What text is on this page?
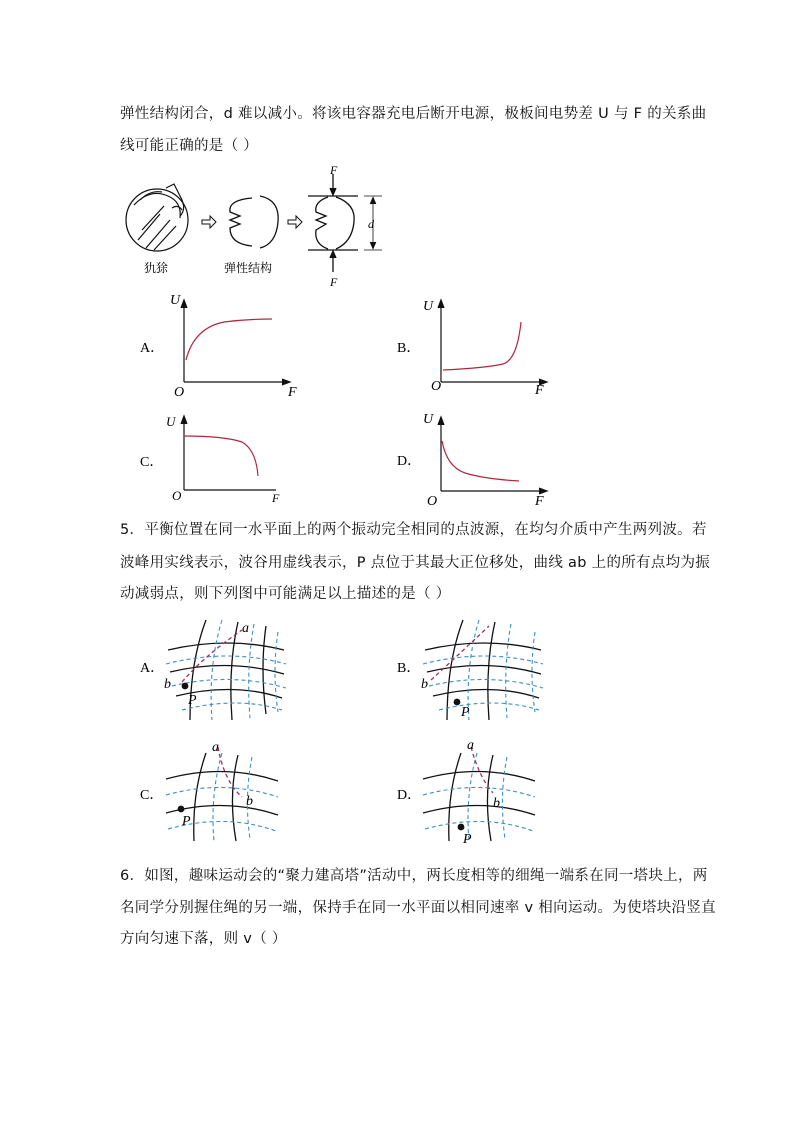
弹性结构闭合，d 难以减小。将该电容器充电后断开电源，极板间电势差 U 与 F 的关系曲
线可能正确的是（ ）
犰狳	弹性结构
F
d
F
A．
U
O	F
B．
U
O	F
C．
U
O	F
D．
U
O	F
5．平衡位置在同一水平面上的两个振动完全相同的点波源，在均匀介质中产生两列波。若
波峰用实线表示，波谷用虚线表示，P 点位于其最大正位移处，曲线 ab 上的所有点均为振
动减弱点，则下列图中可能满足以上描述的是（ ）
A．
a
b
P
B．
b
P
C．
a
b
P
D．
a
b
P
6．如图，趣味运动会的“聚力建高塔”活动中，两长度相等的细绳一端系在同一塔块上，两
名同学分别握住绳的另一端，保持手在同一水平面以相同速率 v 相向运动。为使塔块沿竖直
方向匀速下落，则 v（ ）
